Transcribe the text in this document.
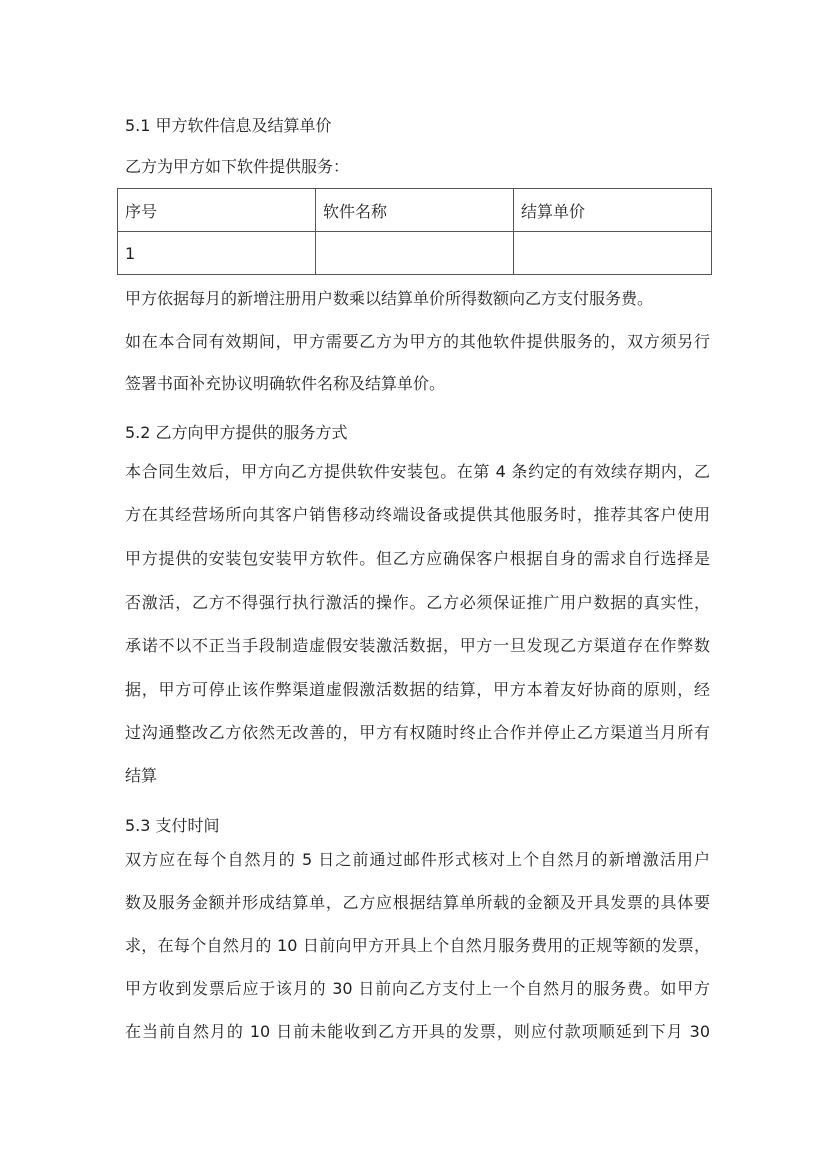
5.1 甲方软件信息及结算单价
乙方为甲方如下软件提供服务：
序号	软件名称	结算单价
1		
甲方依据每月的新增注册用户数乘以结算单价所得数额向乙方支付服务费。
如在本合同有效期间，甲方需要乙方为甲方的其他软件提供服务的，双方须另行
签署书面补充协议明确软件名称及结算单价。
5.2 乙方向甲方提供的服务方式
本合同生效后，甲方向乙方提供软件安装包。在第 4 条约定的有效续存期内，乙
方在其经营场所向其客户销售移动终端设备或提供其他服务时，推荐其客户使用
甲方提供的安装包安装甲方软件。但乙方应确保客户根据自身的需求自行选择是
否激活，乙方不得强行执行激活的操作。乙方必须保证推广用户数据的真实性，
承诺不以不正当手段制造虚假安装激活数据，甲方一旦发现乙方渠道存在作弊数
据，甲方可停止该作弊渠道虚假激活数据的结算，甲方本着友好协商的原则，经
过沟通整改乙方依然无改善的，甲方有权随时终止合作并停止乙方渠道当月所有
结算
5.3 支付时间
双方应在每个自然月的 5 日之前通过邮件形式核对上个自然月的新增激活用户
数及服务金额并形成结算单，乙方应根据结算单所载的金额及开具发票的具体要
求，在每个自然月的 10 日前向甲方开具上个自然月服务费用的正规等额的发票，
甲方收到发票后应于该月的 30 日前向乙方支付上一个自然月的服务费。如甲方
在当前自然月的 10 日前未能收到乙方开具的发票，则应付款项顺延到下月 30
